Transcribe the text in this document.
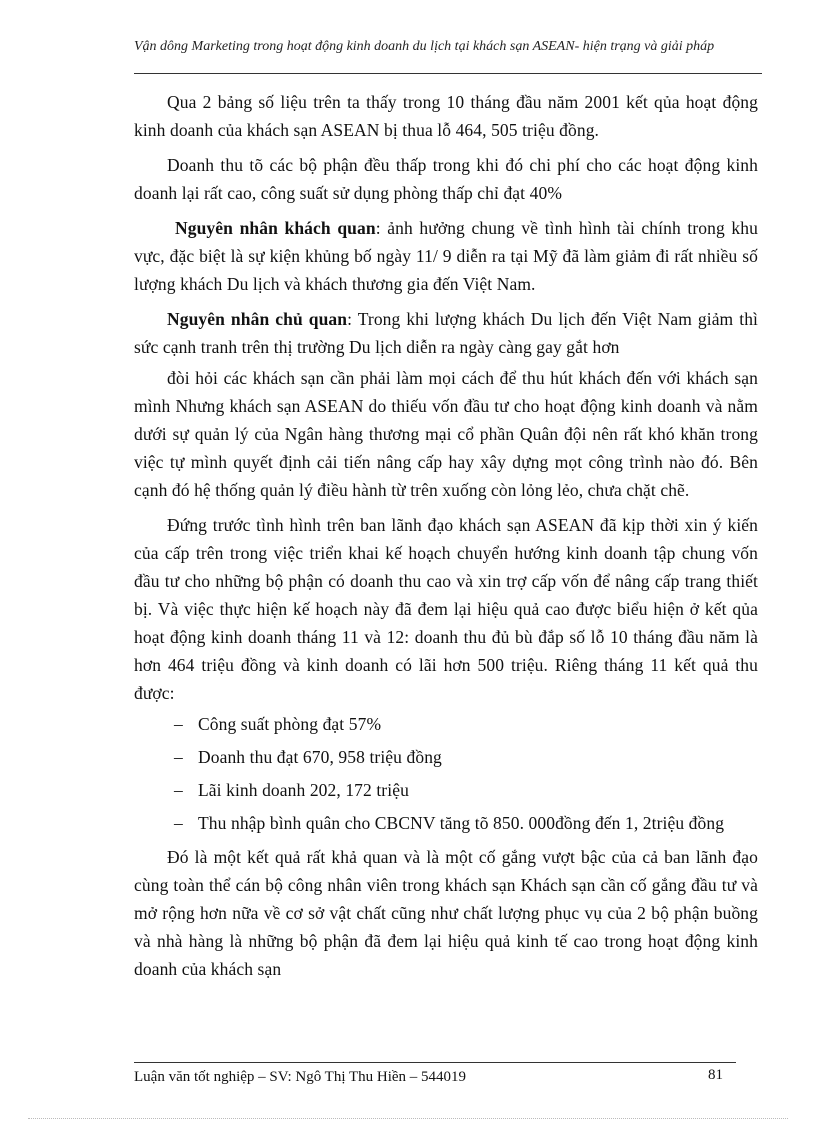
Vận dông Marketing trong hoạt động kinh doanh du lịch tại khách sạn ASEAN- hiện trạng và giải pháp

Qua 2 bảng số liệu trên ta thấy trong 10 tháng đầu năm 2001 kết qủa hoạt động kinh doanh của khách sạn ASEAN bị thua lỗ 464, 505 triệu đồng.

Doanh thu tõ các bộ phận đều thấp trong khi đó chi phí cho các hoạt động kinh doanh lại rất cao, công suất sử dụng phòng thấp chỉ đạt 40%

Nguyên nhân khách quan: ảnh hưởng chung về tình hình tài chính trong khu vực, đặc biệt là sự kiện khủng bố ngày 11/ 9 diễn ra tại Mỹ đã làm giảm đi rất nhiều số lượng khách Du lịch và khách thương gia đến Việt Nam.

Nguyên nhân chủ quan: Trong khi lượng khách Du lịch đến Việt Nam giảm thì sức cạnh tranh trên thị trường Du lịch diễn ra ngày càng gay gắt hơn

đòi hỏi các khách sạn cần phải làm mọi cách để thu hút khách đến với khách sạn mình Nhưng khách sạn ASEAN do thiếu vốn đầu tư cho hoạt động kinh doanh và nằm dưới sự quản lý của Ngân hàng thương mại cổ phần Quân đội nên rất khó khăn trong việc tự mình quyết định cải tiến nâng cấp hay xây dựng mọt công trình nào đó. Bên cạnh đó hệ thống quản lý điều hành từ trên xuống còn lỏng lẻo, chưa chặt chẽ.

Đứng trước tình hình trên ban lãnh đạo khách sạn ASEAN đã kịp thời xin ý kiến của cấp trên trong việc triển khai kế hoạch chuyển hướng kinh doanh tập chung vốn đầu tư cho những bộ phận có doanh thu cao và xin trợ cấp vốn để nâng cấp trang thiết bị. Và việc thực hiện kế hoạch này đã đem lại hiệu quả cao được biểu hiện ở kết qủa hoạt động kinh doanh tháng 11 và 12: doanh thu đủ bù đắp số lỗ 10 tháng đầu năm là hơn 464 triệu đồng và kinh doanh có lãi hơn 500 triệu. Riêng tháng 11 kết quả thu được:

– Công suất phòng đạt 57%
– Doanh thu đạt 670, 958 triệu đồng
– Lãi kinh doanh 202, 172 triệu
– Thu nhập bình quân cho CBCNV tăng tõ 850. 000đồng đến 1, 2triệu đồng

Đó là một kết quả rất khả quan và là một cố gắng vượt bậc của cả ban lãnh đạo cùng toàn thể cán bộ công nhân viên trong khách sạn Khách sạn cần cố gắng đầu tư và mở rộng hơn nữa về cơ sở vật chất cũng như chất lượng phục vụ của 2 bộ phận buồng và nhà hàng là những bộ phận đã đem lại hiệu quả kinh tế cao trong hoạt động kinh doanh của khách sạn

Luận văn tốt nghiệp – SV: Ngô Thị Thu Hiền – 544019	81
